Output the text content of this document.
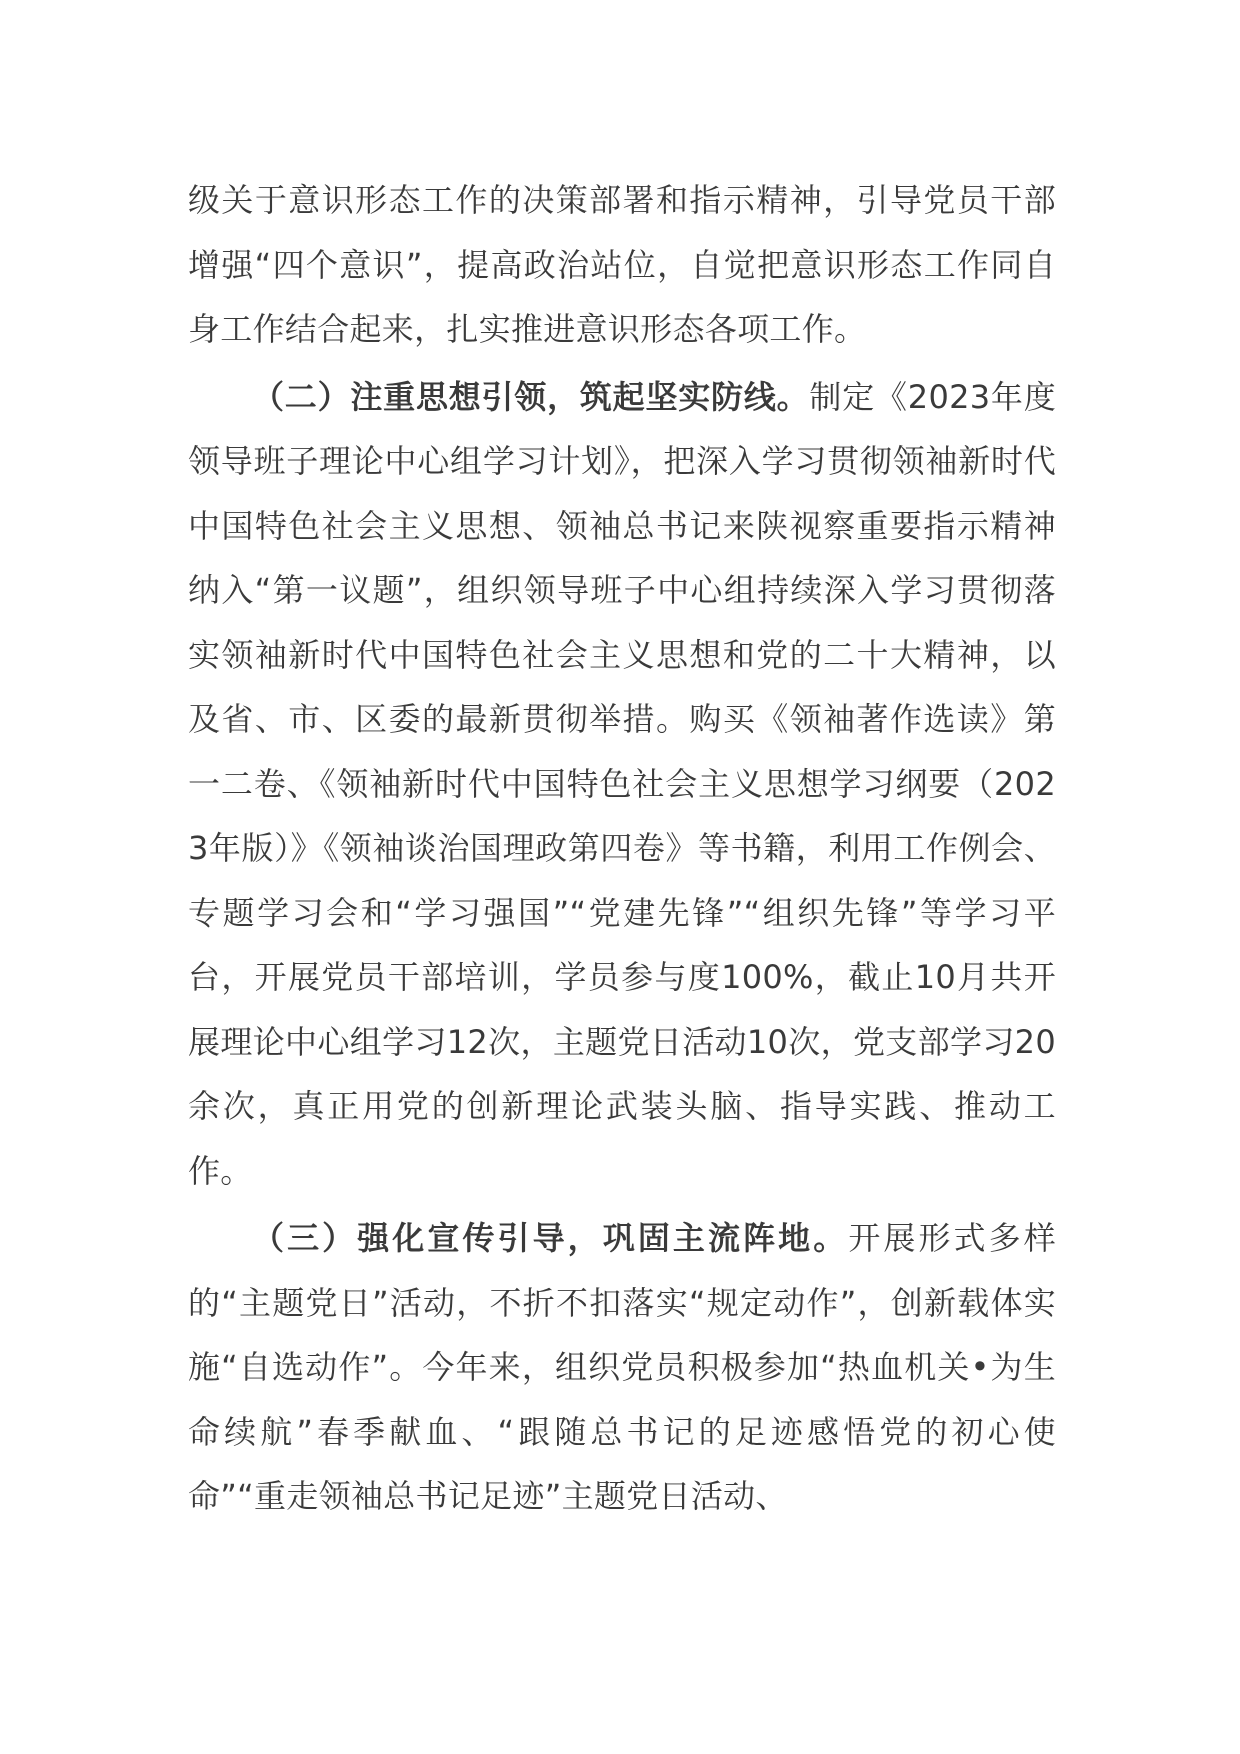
级关于意识形态工作的决策部署和指示精神，引导党员干部增强“四个意识”，提高政治站位，自觉把意识形态工作同自身工作结合起来，扎实推进意识形态各项工作。

（二）注重思想引领，筑起坚实防线。制定《2023年度领导班子理论中心组学习计划》，把深入学习贯彻领袖新时代中国特色社会主义思想、领袖总书记来陕视察重要指示精神纳入“第一议题”，组织领导班子中心组持续深入学习贯彻落实领袖新时代中国特色社会主义思想和党的二十大精神，以及省、市、区委的最新贯彻举措。购买《领袖著作选读》第一二卷、《领袖新时代中国特色社会主义思想学习纲要（2023年版）》《领袖谈治国理政第四卷》等书籍，利用工作例会、专题学习会和“学习强国”“党建先锋”“组织先锋”等学习平台，开展党员干部培训，学员参与度100%，截止10月共开展理论中心组学习12次，主题党日活动10次，党支部学习20余次，真正用党的创新理论武装头脑、指导实践、推动工作。

（三）强化宣传引导，巩固主流阵地。开展形式多样的“主题党日”活动，不折不扣落实“规定动作”，创新载体实施“自选动作”。今年来，组织党员积极参加“热血机关•为生命续航”春季献血、“跟随总书记的足迹感悟党的初心使命”“重走领袖总书记足迹”主题党日活动、
